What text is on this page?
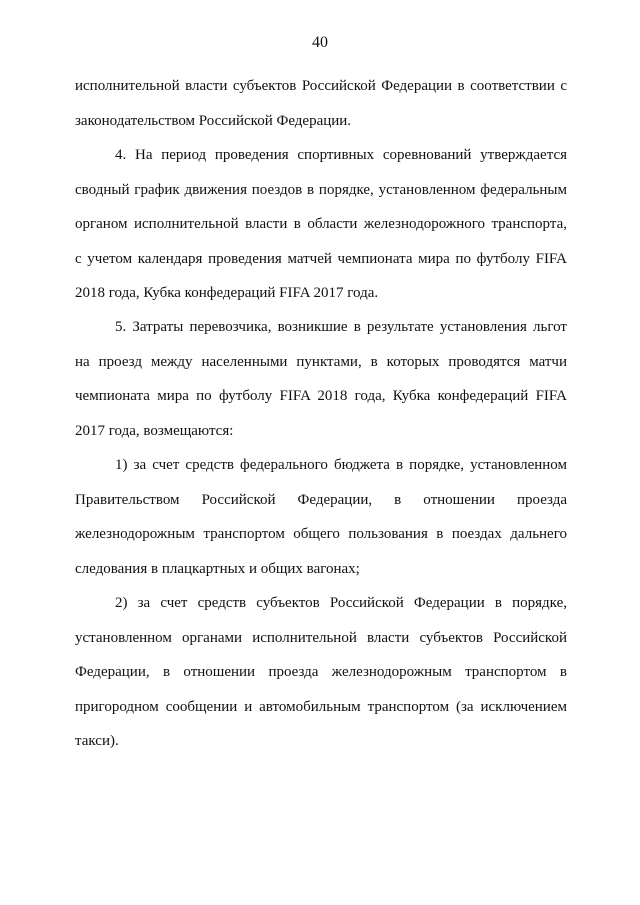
40
исполнительной власти субъектов Российской Федерации в соответствии с
законодательством Российской Федерации.
4. На период проведения спортивных соревнований утверждается
сводный график движения поездов в порядке, установленном федеральным
органом исполнительной власти в области железнодорожного транспорта,
с учетом календаря проведения матчей чемпионата мира по футболу FIFA
2018 года, Кубка конфедераций FIFA 2017 года.
5. Затраты перевозчика, возникшие в результате установления льгот
на проезд между населенными пунктами, в которых проводятся матчи
чемпионата мира по футболу FIFA 2018 года, Кубка конфедераций FIFA
2017 года, возмещаются:
1) за счет средств федерального бюджета в порядке, установленном
Правительством Российской Федерации, в отношении проезда
железнодорожным транспортом общего пользования в поездах дальнего
следования в плацкартных и общих вагонах;
2) за счет средств субъектов Российской Федерации в порядке,
установленном органами исполнительной власти субъектов Российской
Федерации, в отношении проезда железнодорожным транспортом в
пригородном сообщении и автомобильным транспортом (за исключением
такси).
